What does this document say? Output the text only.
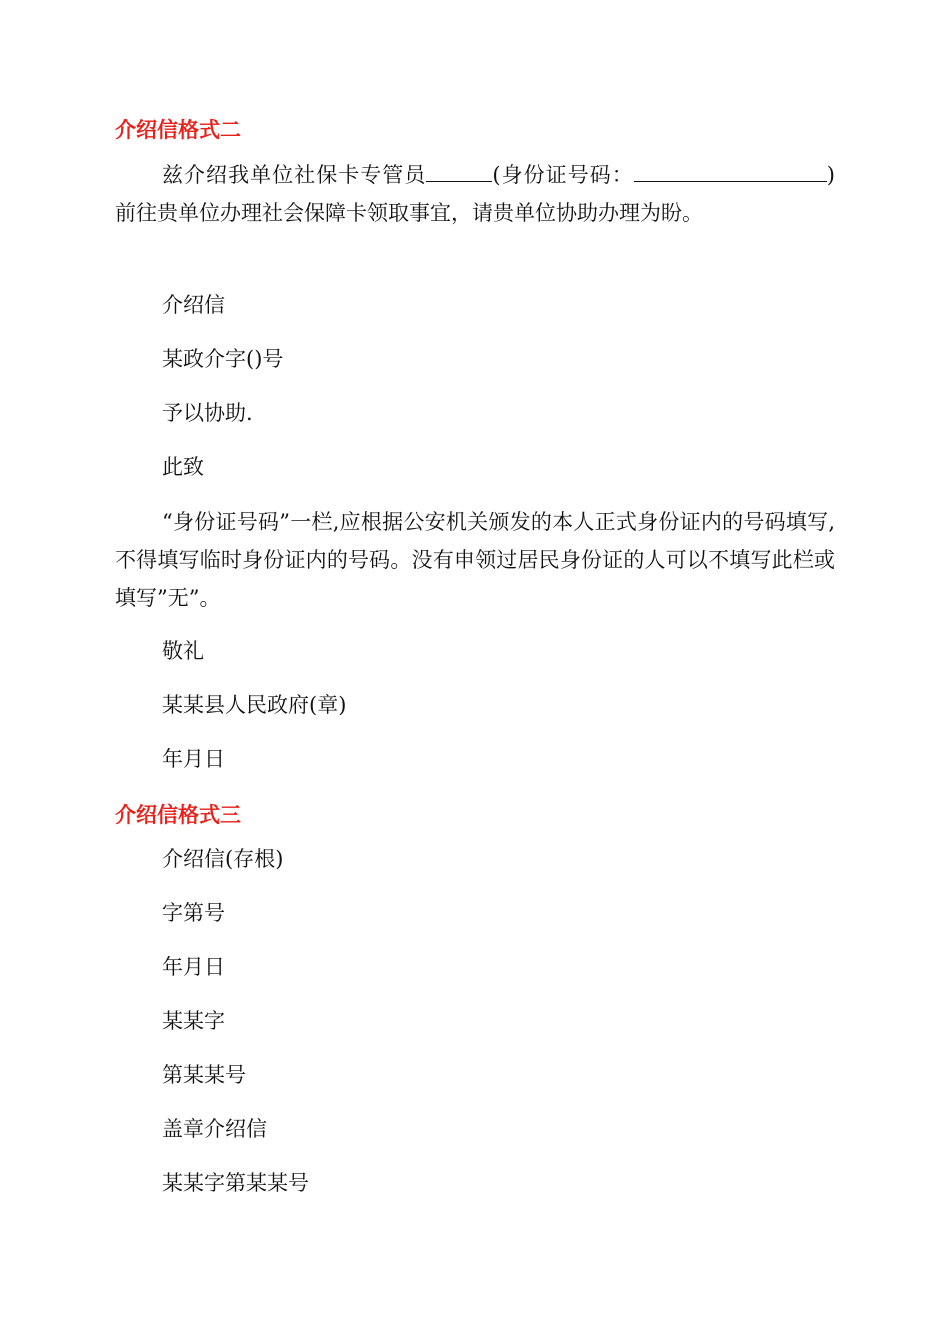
介绍信格式二
兹介绍我单位社保卡专管员	(身份证号码：	)前往贵单位办理社会保障卡领取事宜，请贵单位协助办理为盼。
介绍信
某政介字()号
予以协助.
此致
“身份证号码”一栏,应根据公安机关颁发的本人正式身份证内的号码填写,不得填写临时身份证内的号码。没有申领过居民身份证的人可以不填写此栏或填写”无”。
敬礼
某某县人民政府(章)
年月日
介绍信格式三
介绍信(存根)
字第号
年月日
某某字
第某某号
盖章介绍信
某某字第某某号
